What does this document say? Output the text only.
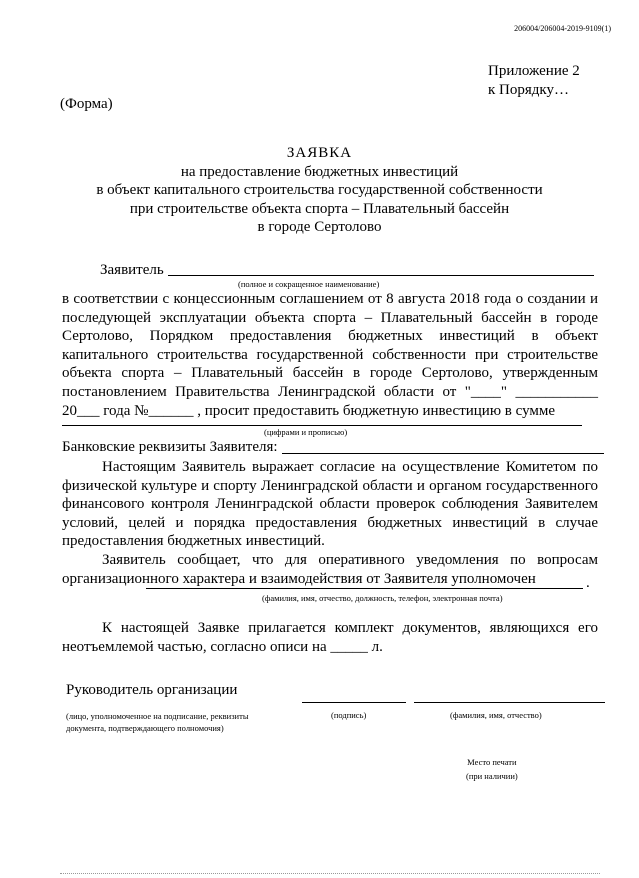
206004/206004-2019-9109(1)
Приложение 2
к Порядку…
(Форма)
ЗАЯВКА
на предоставление бюджетных инвестиций
в объект капитального строительства государственной собственности
при строительстве объекта спорта – Плавательный бассейн
в городе Сертолово
Заявитель
(полное и сокращенное наименование)

в соответствии с концессионным соглашением от 8 августа 2018 года о создании и последующей эксплуатации объекта спорта – Плавательный бассейн в городе Сертолово, Порядком предоставления бюджетных инвестиций в объект капитального строительства государственной собственности при строительстве объекта спорта – Плавательный бассейн в городе Сертолово, утвержденным постановлением Правительства Ленинградской области от "____" ___________ 20___ года №______ , просит предоставить бюджетную инвестицию в сумме

(цифрами и прописью)
Банковские реквизиты Заявителя:
Настоящим Заявитель выражает согласие на осуществление Комитетом по физической культуре и спорту Ленинградской области и органом государственного финансового контроля Ленинградской области проверок соблюдения Заявителем условий, целей и порядка предоставления бюджетных инвестиций в случае предоставления бюджетных инвестиций.
Заявитель сообщает, что для оперативного уведомления по вопросам организационного характера и взаимодействия от Заявителя уполномочен	.
(фамилия, имя, отчество, должность, телефон, электронная почта)

К настоящей Заявке прилагается комплект документов, являющихся его неотъемлемой частью, согласно описи на _____ л.

Руководитель организации
(лицо, уполномоченное на подписание, реквизиты документа, подтверждающего полномочия)
(подпись)	(фамилия, имя, отчество)
Место печати
(при наличии)
